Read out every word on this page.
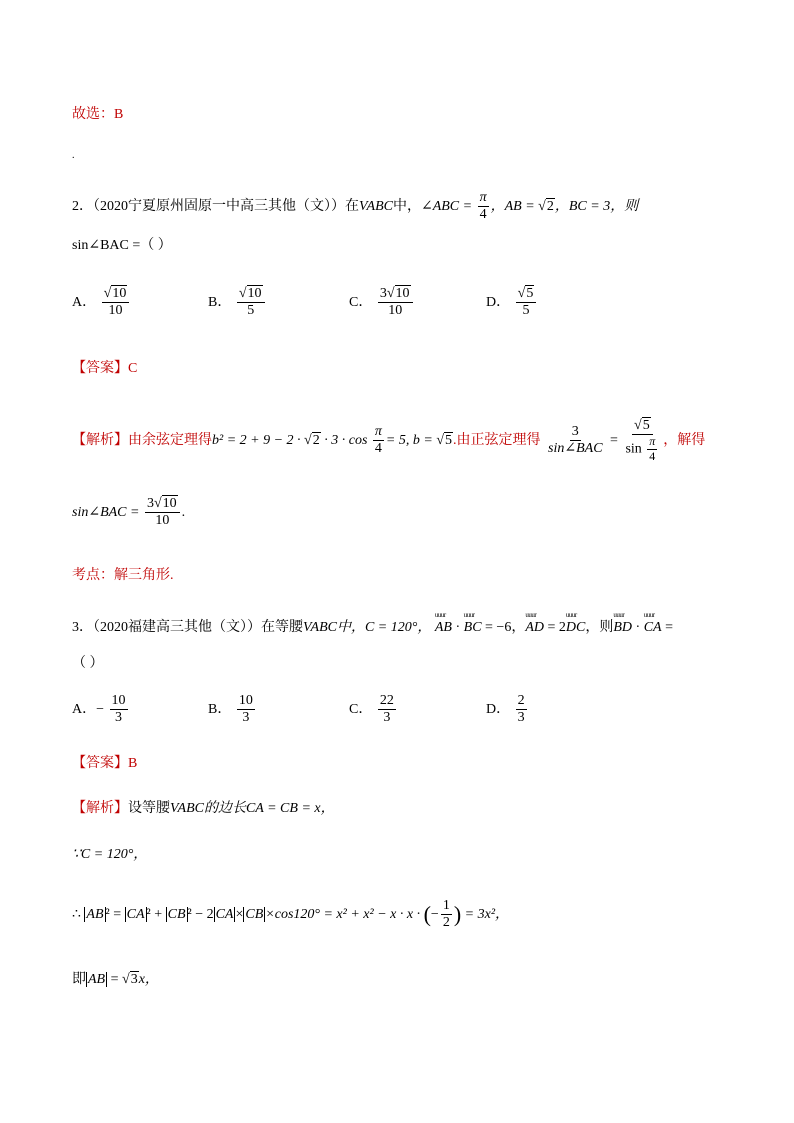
故选：B
.
2．（2020宁夏原州固原一中高三其他（文））在VABC中，∠ABC = $\frac{\pi}{4}$ ，AB = √2，BC = 3，则
sin∠BAC =（ ）
A． $\frac{√10}{10}$	B． $\frac{√10}{5}$	C． $\frac{3√10}{10}$	D． $\frac{√5}{5}$
【答案】C
【解析】由余弦定理得$b^2 = 2 + 9 - 2 \cdot √2 \cdot 3 \cdot \cos \frac{\pi}{4} = 5$, b = √5.由正弦定理得 $\frac{3}{\text{sin∠BAC}} = \frac{√5}{\sin \frac{\pi}{4}}$ ，解得
sin∠BAC = $\frac{3√10}{10}$ .
考点：解三角形.
3．（2020福建高三其他（文））在等腰VABC中，C = 120°， uuur AB · uuur BC = −6，uuur AD = 2uuur DC，则uuur BD · uuur CA =
（ ）
A．− $\frac{10}{3}$	B． $\frac{10}{3}$	C． $\frac{22}{3}$	D． $\frac{2}{3}$
【答案】B
【解析】设等腰VABC的边长CA = CB = x，
∵C = 120°，
∴ AB ² = CA ² + CB ² − 2 CA × CB ×cos120° = x² + x² − x · x · (− $\frac{1}{2}$ ) = 3x²，
即 AB = √3x，
